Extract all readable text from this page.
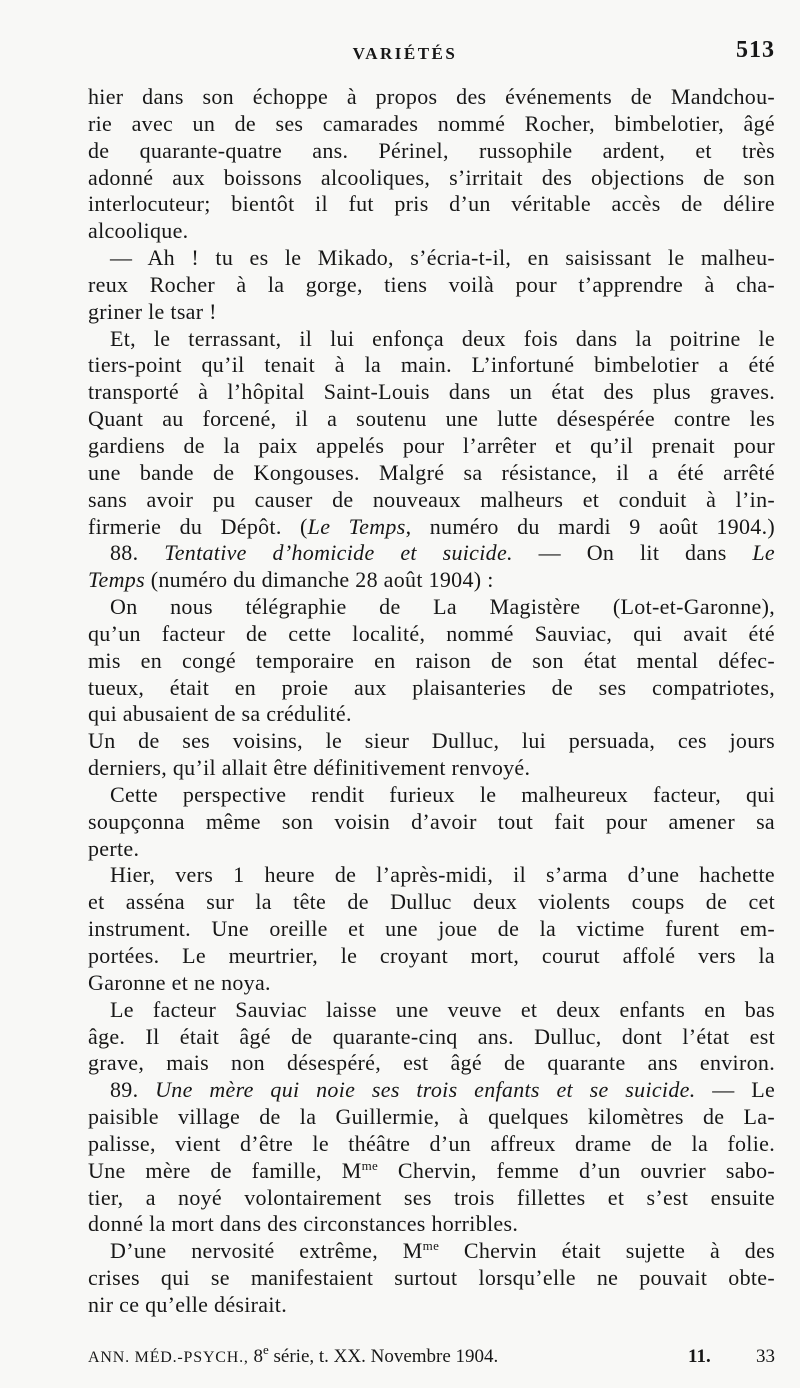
VARIÉTÉS	513
hier dans son échoppe à propos des événements de Mandchou-
rie avec un de ses camarades nommé Rocher, bimbelotier, âgé
de quarante-quatre ans. Périnel, russophile ardent, et très
adonné aux boissons alcooliques, s’irritait des objections de son
interlocuteur; bientôt il fut pris d’un véritable accès de délire
alcoolique.
— Ah ! tu es le Mikado, s’écria-t-il, en saisissant le malheu-
reux Rocher à la gorge, tiens voilà pour t’apprendre à cha-
griner le tsar !
Et, le terrassant, il lui enfonça deux fois dans la poitrine le
tiers-point qu’il tenait à la main. L’infortuné bimbelotier a été
transporté à l’hôpital Saint-Louis dans un état des plus graves.
Quant au forcené, il a soutenu une lutte désespérée contre les
gardiens de la paix appelés pour l’arrêter et qu’il prenait pour
une bande de Kongouses. Malgré sa résistance, il a été arrêté
sans avoir pu causer de nouveaux malheurs et conduit à l’in-
firmerie du Dépôt. (Le Temps, numéro du mardi 9 août 1904.)
88. Tentative d’homicide et suicide. — On lit dans Le
Temps (numéro du dimanche 28 août 1904) :
On nous télégraphie de La Magistère (Lot-et-Garonne),
qu’un facteur de cette localité, nommé Sauviac, qui avait été
mis en congé temporaire en raison de son état mental défec-
tueux, était en proie aux plaisanteries de ses compatriotes,
qui abusaient de sa crédulité.
Un de ses voisins, le sieur Dulluc, lui persuada, ces jours
derniers, qu’il allait être définitivement renvoyé.
Cette perspective rendit furieux le malheureux facteur, qui
soupçonna même son voisin d’avoir tout fait pour amener sa
perte.
Hier, vers 1 heure de l’après-midi, il s’arma d’une hachette
et asséna sur la tête de Dulluc deux violents coups de cet
instrument. Une oreille et une joue de la victime furent em-
portées. Le meurtrier, le croyant mort, courut affolé vers la
Garonne et ne noya.
Le facteur Sauviac laisse une veuve et deux enfants en bas
âge. Il était âgé de quarante-cinq ans. Dulluc, dont l’état est
grave, mais non désespéré, est âgé de quarante ans environ.
89. Une mère qui noie ses trois enfants et se suicide. — Le
paisible village de la Guillermie, à quelques kilomètres de La-
palisse, vient d’être le théâtre d’un affreux drame de la folie.
Une mère de famille, $M^{me}$ Chervin, femme d’un ouvrier sabo-
tier, a noyé volontairement ses trois fillettes et s’est ensuite
donné la mort dans des circonstances horribles.
D’une nervosité extrême, $M^{me}$ Chervin était sujette à des
crises qui se manifestaient surtout lorsqu’elle ne pouvait obte-
nir ce qu’elle désirait.
ANN. MÉD.-PSYCH., 8e série, t. XX. Novembre 1904.	11. 33
